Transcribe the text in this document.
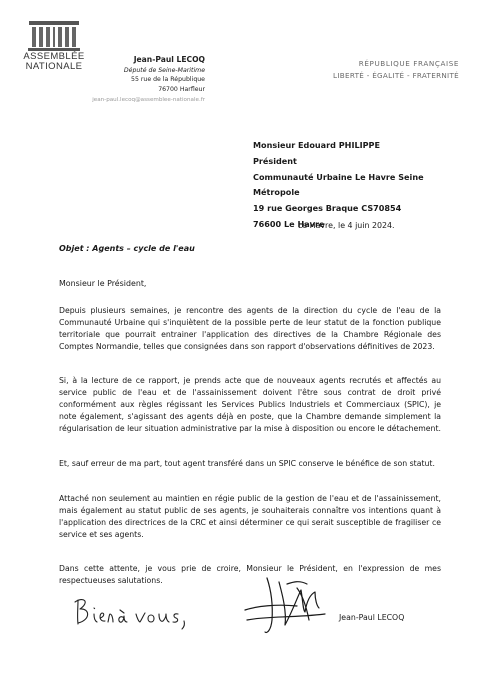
ASSEMBLÉE
NATIONALE
Jean-Paul LECOQ
Député de Seine-Maritime
55 rue de la République
76700 Harfleur
jean-paul.lecoq@assemblee-nationale.fr
RÉPUBLIQUE FRANÇAISE
LIBERTÉ - ÉGALITÉ - FRATERNITÉ
Monsieur Edouard PHILIPPE
Président
Communauté Urbaine Le Havre Seine
Métropole
19 rue Georges Braque CS70854
76600 Le Havre
Le Havre, le 4 juin 2024.
Objet : Agents – cycle de l'eau
Monsieur le Président,

Depuis plusieurs semaines, je rencontre des agents de la direction du cycle de l'eau de la Communauté Urbaine qui s'inquiètent de la possible perte de leur statut de la fonction publique territoriale que pourrait entrainer l'application des directives de la Chambre Régionale des Comptes Normandie, telles que consignées dans son rapport d'observations définitives de 2023.

Si, à la lecture de ce rapport, je prends acte que de nouveaux agents recrutés et affectés au service public de l'eau et de l'assainissement doivent l'être sous contrat de droit privé conformément aux règles régissant les Services Publics Industriels et Commerciaux (SPIC), je note également, s'agissant des agents déjà en poste, que la Chambre demande simplement la régularisation de leur situation administrative par la mise à disposition ou encore le détachement.

Et, sauf erreur de ma part, tout agent transféré dans un SPIC conserve le bénéfice de son statut.

Attaché non seulement au maintien en régie public de la gestion de l'eau et de l'assainissement, mais également au statut public de ses agents, je souhaiterais connaître vos intentions quant à l'application des directrices de la CRC et ainsi déterminer ce qui serait susceptible de fragiliser ce service et ses agents.

Dans cette attente, je vous prie de croire, Monsieur le Président, en l'expression de mes respectueuses salutations.

Jean-Paul LECOQ
